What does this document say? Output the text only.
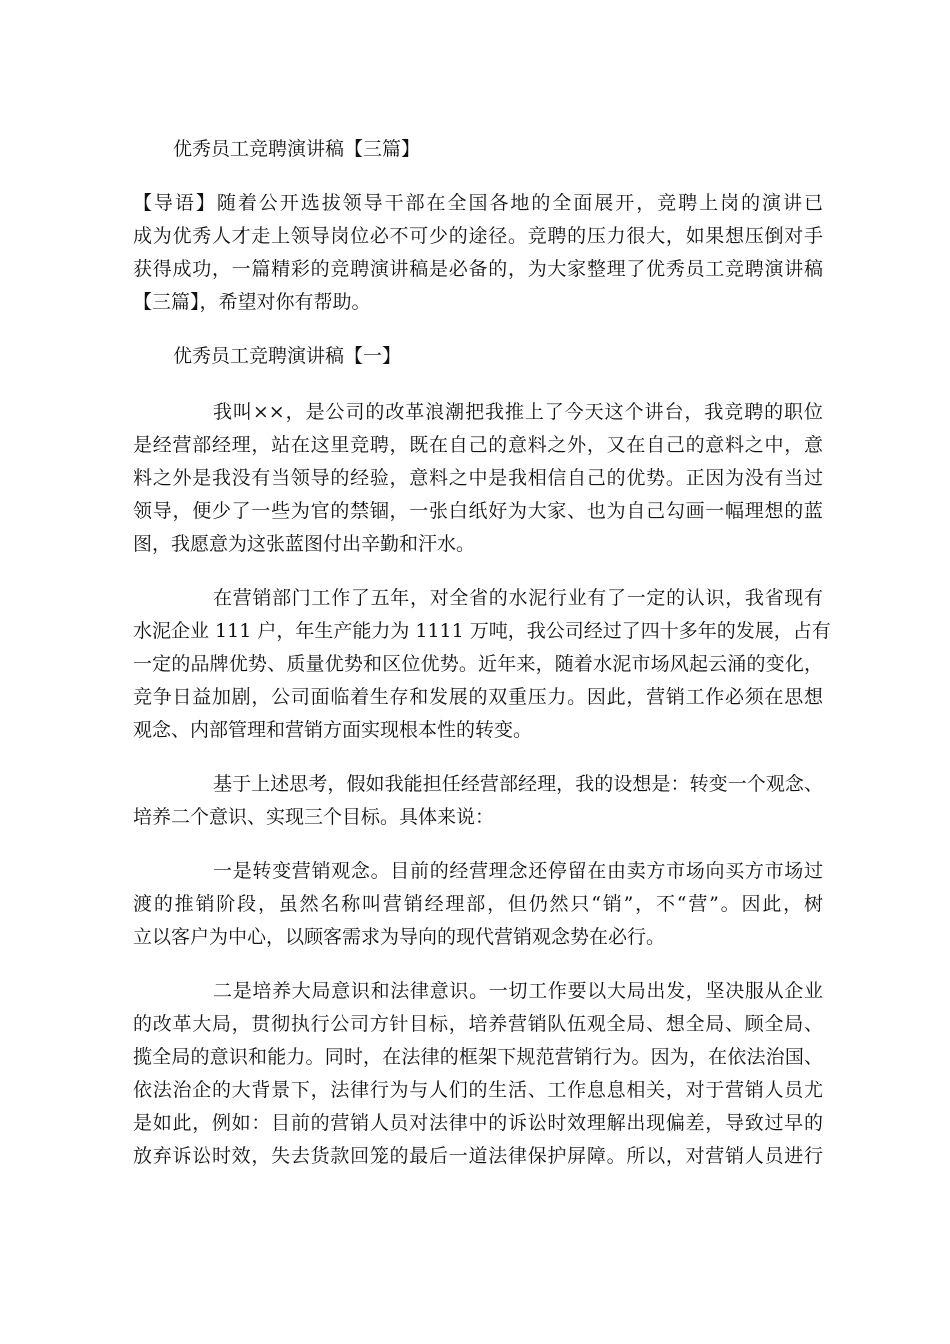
优秀员工竞聘演讲稿【三篇】
【导语】随着公开选拔领导干部在全国各地的全面展开，竞聘上岗的演讲已
成为优秀人才走上领导岗位必不可少的途径。竞聘的压力很大，如果想压倒对手
获得成功，一篇精彩的竞聘演讲稿是必备的，为大家整理了优秀员工竞聘演讲稿
【三篇】，希望对你有帮助。
优秀员工竞聘演讲稿【一】
我叫××，是公司的改革浪潮把我推上了今天这个讲台，我竞聘的职位
是经营部经理，站在这里竞聘，既在自己的意料之外，又在自己的意料之中，意
料之外是我没有当领导的经验，意料之中是我相信自己的优势。正因为没有当过
领导，便少了一些为官的禁锢，一张白纸好为大家、也为自己勾画一幅理想的蓝
图，我愿意为这张蓝图付出辛勤和汗水。
在营销部门工作了五年，对全省的水泥行业有了一定的认识，我省现有
水泥企业 111 户，年生产能力为 1111 万吨，我公司经过了四十多年的发展，占有
一定的品牌优势、质量优势和区位优势。近年来，随着水泥市场风起云涌的变化，
竞争日益加剧，公司面临着生存和发展的双重压力。因此，营销工作必须在思想
观念、内部管理和营销方面实现根本性的转变。
基于上述思考，假如我能担任经营部经理，我的设想是：转变一个观念、
培养二个意识、实现三个目标。具体来说：
一是转变营销观念。目前的经营理念还停留在由卖方市场向买方市场过
渡的推销阶段，虽然名称叫营销经理部，但仍然只“销”，不“营”。因此，树
立以客户为中心，以顾客需求为导向的现代营销观念势在必行。
二是培养大局意识和法律意识。一切工作要以大局出发，坚决服从企业
的改革大局，贯彻执行公司方针目标，培养营销队伍观全局、想全局、顾全局、
揽全局的意识和能力。同时，在法律的框架下规范营销行为。因为，在依法治国、
依法治企的大背景下，法律行为与人们的生活、工作息息相关，对于营销人员尤
是如此，例如：目前的营销人员对法律中的诉讼时效理解出现偏差，导致过早的
放弃诉讼时效，失去货款回笼的最后一道法律保护屏障。所以，对营销人员进行
